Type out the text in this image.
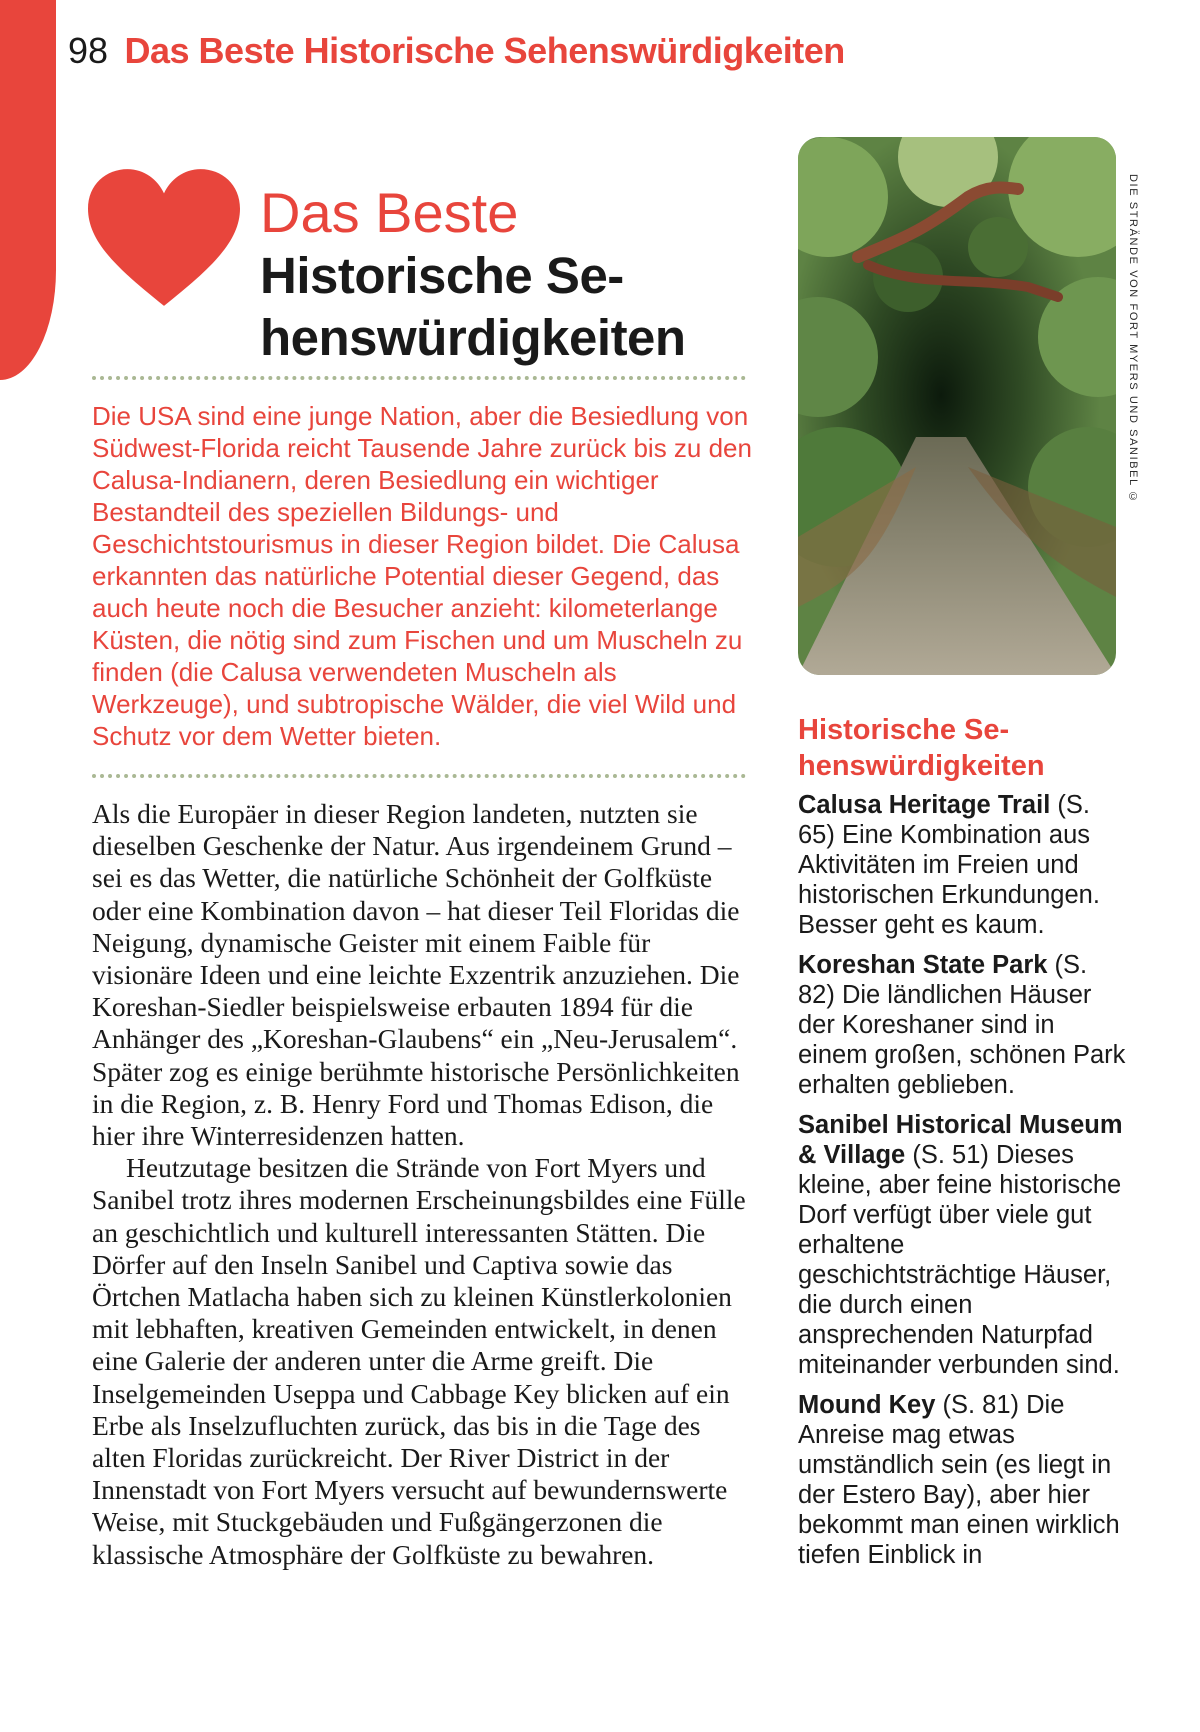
98 Das Beste Historische Sehenswürdigkeiten
Das Beste
Historische Se-
henswürdigkeiten
Die USA sind eine junge Nation, aber die Besiedlung von Südwest-Florida reicht Tausende Jahre zurück bis zu den Calusa-Indianern, deren Besiedlung ein wichtiger Bestandteil des speziellen Bildungs- und Geschichtstourismus in dieser Region bildet. Die Calusa erkannten das natürliche Potential dieser Gegend, das auch heute noch die Besucher anzieht: kilometerlange Küsten, die nötig sind zum Fischen und um Muscheln zu finden (die Calusa verwendeten Muscheln als Werkzeuge), und subtropische Wälder, die viel Wild und Schutz vor dem Wetter bieten.

Als die Europäer in dieser Region landeten, nutzten sie dieselben Geschenke der Natur. Aus irgendeinem Grund – sei es das Wetter, die natürliche Schönheit der Golfküste oder eine Kombination davon – hat dieser Teil Floridas die Neigung, dynamische Geister mit einem Faible für visionäre Ideen und eine leichte Exzentrik anzuziehen. Die Koreshan-Siedler beispielsweise erbauten 1894 für die Anhänger des „Koreshan-Glaubens“ ein „Neu-Jerusalem“. Später zog es einige berühmte historische Persönlichkeiten in die Region, z. B. Henry Ford und Thomas Edison, die hier ihre Winterresidenzen hatten.

Heutzutage besitzen die Strände von Fort Myers und Sanibel trotz ihres modernen Erscheinungsbildes eine Fülle an geschichtlich und kulturell interessanten Stätten. Die Dörfer auf den Inseln Sanibel und Captiva sowie das Örtchen Matlacha haben sich zu kleinen Künstlerkolonien mit lebhaften, kreativen Gemeinden entwickelt, in denen eine Galerie der anderen unter die Arme greift. Die Inselgemeinden Useppa und Cabbage Key blicken auf ein Erbe als Inselzufluchten zurück, das bis in die Tage des alten Floridas zurückreicht. Der River District in der Innenstadt von Fort Myers versucht auf bewundernswerte Weise, mit Stuckgebäuden und Fußgängerzonen die klassische Atmosphäre der Golfküste zu bewahren.

DIE STRÄNDE VON FORT MYERS UND SANIBEL ©
Historische Se-
henswürdigkeiten
Calusa Heritage Trail (S. 65) Eine Kombination aus Aktivitäten im Freien und historischen Erkundungen. Besser geht es kaum.
Koreshan State Park (S. 82) Die ländlichen Häuser der Koreshaner sind in einem großen, schönen Park erhalten geblieben.
Sanibel Historical Museum & Village (S. 51) Dieses kleine, aber feine historische Dorf verfügt über viele gut erhaltene geschichtsträchtige Häuser, die durch einen ansprechenden Naturpfad miteinander verbunden sind.
Mound Key (S. 81) Die Anreise mag etwas umständlich sein (es liegt in der Estero Bay), aber hier bekommt man einen wirklich tiefen Einblick in
